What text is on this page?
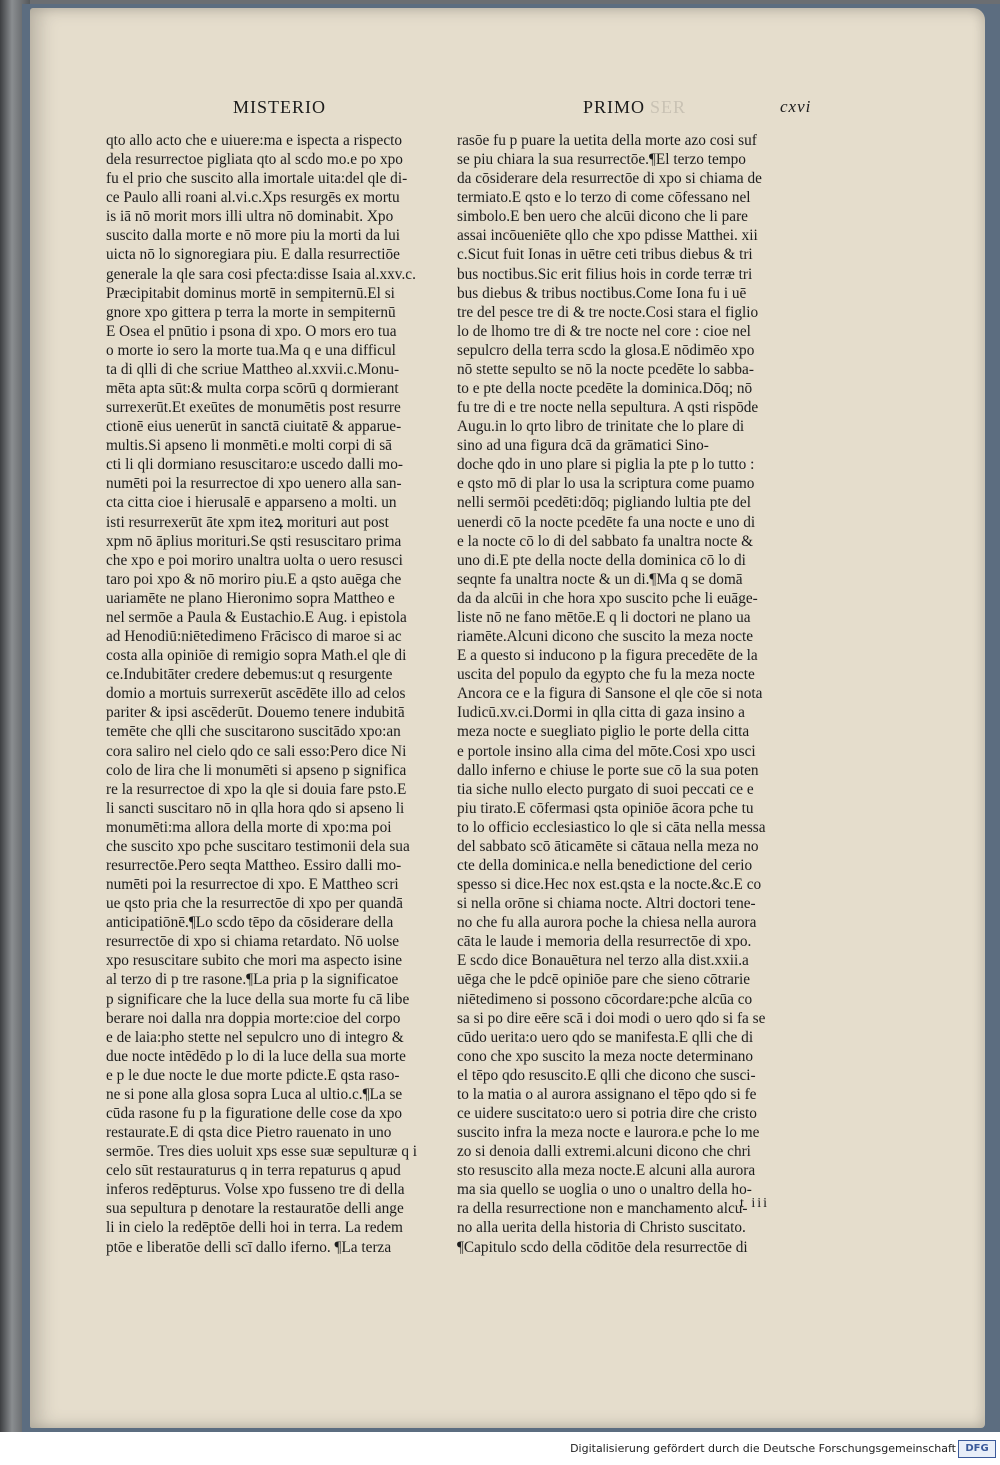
MISTERIO	PRIMO SER	cxvi
qto allo acto che e uiuere:ma e ispecta a rispecto
dela resurrectoe pigliata qto al scdo mo.e po xpo
fu el prio che suscito alla imortale uita:del qle di-
ce Paulo alli roani al.vi.c.Xps resurgēs ex mortu
is iā nō morit mors illi ultra nō dominabit. Xpo
suscito dalla morte e nō more piu la morti da lui
uicta nō lo signoregiara piu. E dalla resurrectiōe
generale la qle sara cosi pfecta:disse Isaia al.xxv.c.
Præcipitabit dominus mortē in sempiternū.El si
gnore xpo gittera p terra la morte in sempiternū
E Osea el pnūtio i psona di xpo. O mors ero tua
o morte io sero la morte tua.Ma q e una difficul
ta di qlli di che scriue Mattheo al.xxvii.c.Monu-
mēta apta sūt:& multa corpa scōrū q dormierant
surrexerūt.Et exeūtes de monumētis post resurre
ctionē eius uenerūt in sanctā ciuitatē & apparue-
multis.Si apseno li monmēti.e molti corpi di sā
cti li qli dormiano resuscitaro:e uscedo dalli mo-
numēti poi la resurrectoe di xpo uenero alla san-
cta citta cioe i hierusalē e apparseno a molti. un
isti resurrexerūt āte xpm iteꝝ morituri aut post
xpm nō āplius morituri.Se qsti resuscitaro prima
che xpo e poi moriro unaltra uolta o uero resusci
taro poi xpo & nō moriro piu.E a qsto auēga che
uariamēte ne plano Hieronimo sopra Mattheo e
nel sermōe a Paula & Eustachio.E Aug. i epistola
ad Henodiū:niētedimeno Frācisco di maroe si ac
costa alla opiniōe di remigio sopra Math.el qle di
ce.Indubitāter credere debemus:ut q resurgente
domio a mortuis surrexerūt ascēdēte illo ad celos
pariter & ipsi ascēderūt. Douemo tenere indubitā
temēte che qlli che suscitarono suscitādo xpo:an
cora saliro nel cielo qdo ce sali esso:Pero dice Ni
colo de lira che li monumēti si apseno p significa
re la resurrectoe di xpo la qle si douia fare psto.E
li sancti suscitaro nō in qlla hora qdo si apseno li
monumēti:ma allora della morte di xpo:ma poi
che suscito xpo pche suscitaro testimonii dela sua
resurrectōe.Pero seqta Mattheo. Essiro dalli mo-
numēti poi la resurrectoe di xpo. E Mattheo scri
ue qsto pria che la resurrectōe di xpo per quandā
anticipatiōnē.¶Lo scdo tēpo da cōsiderare della
resurrectōe di xpo si chiama retardato. Nō uolse
xpo resuscitare subito che mori ma aspecto isine
al terzo di p tre rasone.¶La pria p la significatoe
p significare che la luce della sua morte fu cā libe
berare noi dalla nra doppia morte:cioe del corpo
e de laia:pho stette nel sepulcro uno di integro &
due nocte intēdēdo p lo di la luce della sua morte
e p le due nocte le due morte pdicte.E qsta raso-
ne si pone alla glosa sopra Luca al ultio.c.¶La se
cūda rasone fu p la figuratione delle cose da xpo
restaurate.E di qsta dice Pietro rauenato in uno
sermōe. Tres dies uoluit xps esse suæ sepulturæ q i
celo sūt restauraturus q in terra repaturus q apud
inferos redēpturus. Volse xpo fusseno tre di della
sua sepultura p denotare la restauratōe delli ange
li in cielo la redēptōe delli hoi in terra. La redem
ptōe e liberatōe delli scī dallo iferno. ¶La terza
rasōe fu p puare la uetita della morte azo cosi suf
se piu chiara la sua resurrectōe.¶El terzo tempo
da cōsiderare dela resurrectōe di xpo si chiama de
termiato.E qsto e lo terzo di come cōfessano nel
simbolo.E ben uero che alcūi dicono che li pare
assai incōueniēte qllo che xpo pdisse Matthei. xii
c.Sicut fuit Ionas in uētre ceti tribus diebus & tri
bus noctibus.Sic erit filius hois in corde terræ tri
bus diebus & tribus noctibus.Come Iona fu i uē
tre del pesce tre di & tre nocte.Cosi stara el figlio
lo de lhomo tre di & tre nocte nel core : cioe nel
sepulcro della terra scdo la glosa.E nōdimēo xpo
nō stette sepulto se nō la nocte pcedēte lo sabba-
to e pte della nocte pcedēte la dominica.Dōq; nō
fu tre di e tre nocte nella sepultura. A qsti rispōde
Augu.in lo qrto libro de trinitate che lo plare di
sino ad una figura dcā da grāmatici Sino-
doche qdo in uno plare si piglia la pte p lo tutto :
e qsto mō di plar lo usa la scriptura come puamo
nelli sermōi pcedēti:dōq; pigliando lultia pte del
uenerdi cō la nocte pcedēte fa una nocte e uno di
e la nocte cō lo di del sabbato fa unaltra nocte &
uno di.E pte della nocte della dominica cō lo di
seqnte fa unaltra nocte & un di.¶Ma q se domā
da da alcūi in che hora xpo suscito pche li euāge-
liste nō ne fano mētōe.E q li doctori ne plano ua
riamēte.Alcuni dicono che suscito la meza nocte
E a questo si inducono p la figura precedēte de la
uscita del populo da egypto che fu la meza nocte
Ancora ce e la figura di Sansone el qle cōe si nota
Iudicū.xv.ci.Dormi in qlla citta di gaza insino a
meza nocte e suegliato piglio le porte della citta
e portole insino alla cima del mōte.Cosi xpo usci
dallo inferno e chiuse le porte sue cō la sua poten
tia siche nullo electo purgato di suoi peccati ce e
piu tirato.E cōfermasi qsta opiniōe ācora pche tu
to lo officio ecclesiastico lo qle si cāta nella messa
del sabbato scō āticamēte si cātaua nella meza no
cte della dominica.e nella benedictione del cerio
spesso si dice.Hec nox est.qsta e la nocte.&c.E co
si nella orōne si chiama nocte. Altri doctori tene-
no che fu alla aurora poche la chiesa nella aurora
cāta le laude i memoria della resurrectōe di xpo.
E scdo dice Bonauētura nel terzo alla dist.xxii.a
uēga che le pdcē opiniōe pare che sieno cōtrarie
niētedimeno si possono cōcordare:pche alcūa co
sa si po dire eēre scā i doi modi o uero qdo si fa se
cūdo uerita:o uero qdo se manifesta.E qlli che di
cono che xpo suscito la meza nocte determinano
el tēpo qdo resuscito.E qlli che dicono che susci-
to la matia o al aurora assignano el tēpo qdo si fe
ce uidere suscitato:o uero si potria dire che cristo
suscito infra la meza nocte e laurora.e pche lo me
zo si denoia dalli extremi.alcuni dicono che chri
sto resuscito alla meza nocte.E alcuni alla aurora
ma sia quello se uoglia o uno o unaltro della ho-
ra della resurrectione non e manchamento alcu-
no alla uerita della historia di Christo suscitato.
¶Capitulo scdo della cōditōe dela resurrectōe di
t iii
Digitalisierung gefördert durch die Deutsche Forschungsgemeinschaft DFG
